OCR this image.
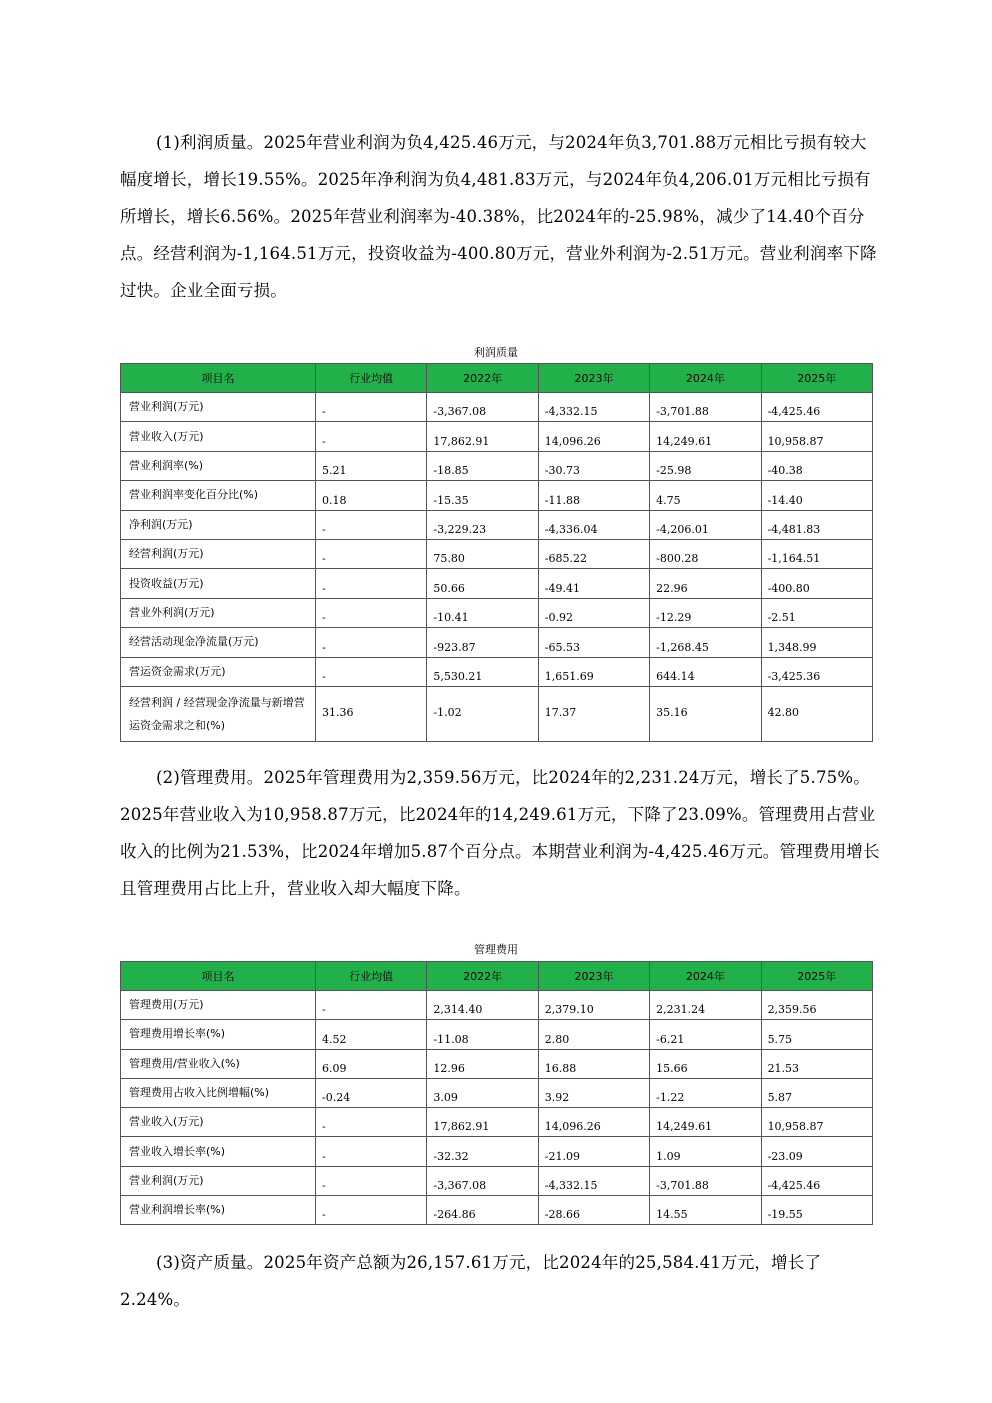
(1)利润质量。2025年营业利润为负4,425.46万元，与2024年负3,701.88万元相比亏损有较大幅度增长，增长19.55%。2025年净利润为负4,481.83万元，与2024年负4,206.01万元相比亏损有所增长，增长6.56%。2025年营业利润率为-40.38%，比2024年的-25.98%，减少了14.40个百分点。经营利润为-1,164.51万元，投资收益为-400.80万元，营业外利润为-2.51万元。营业利润率下降过快。企业全面亏损。

利润质量
项目名	行业均值	2022年	2023年	2024年	2025年
营业利润(万元)	-	-3,367.08	-4,332.15	-3,701.88	-4,425.46
营业收入(万元)	-	17,862.91	14,096.26	14,249.61	10,958.87
营业利润率(%)	5.21	-18.85	-30.73	-25.98	-40.38
营业利润率变化百分比(%)	0.18	-15.35	-11.88	4.75	-14.40
净利润(万元)	-	-3,229.23	-4,336.04	-4,206.01	-4,481.83
经营利润(万元)	-	75.80	-685.22	-800.28	-1,164.51
投资收益(万元)	-	50.66	-49.41	22.96	-400.80
营业外利润(万元)	-	-10.41	-0.92	-12.29	-2.51
经营活动现金净流量(万元)	-	-923.87	-65.53	-1,268.45	1,348.99
营运资金需求(万元)	-	5,530.21	1,651.69	644.14	-3,425.36
经营利润 / 经营现金净流量与新增营运资金需求之和(%)	31.36	-1.02	17.37	35.16	42.80

(2)管理费用。2025年管理费用为2,359.56万元，比2024年的2,231.24万元，增长了5.75%。2025年营业收入为10,958.87万元，比2024年的14,249.61万元，下降了23.09%。管理费用占营业收入的比例为21.53%，比2024年增加5.87个百分点。本期营业利润为-4,425.46万元。管理费用增长且管理费用占比上升，营业收入却大幅度下降。

管理费用
项目名	行业均值	2022年	2023年	2024年	2025年
管理费用(万元)	-	2,314.40	2,379.10	2,231.24	2,359.56
管理费用增长率(%)	4.52	-11.08	2.80	-6.21	5.75
管理费用/营业收入(%)	6.09	12.96	16.88	15.66	21.53
管理费用占收入比例增幅(%)	-0.24	3.09	3.92	-1.22	5.87
营业收入(万元)	-	17,862.91	14,096.26	14,249.61	10,958.87
营业收入增长率(%)	-	-32.32	-21.09	1.09	-23.09
营业利润(万元)	-	-3,367.08	-4,332.15	-3,701.88	-4,425.46
营业利润增长率(%)	-	-264.86	-28.66	14.55	-19.55

(3)资产质量。2025年资产总额为26,157.61万元，比2024年的25,584.41万元，增长了2.24%。
